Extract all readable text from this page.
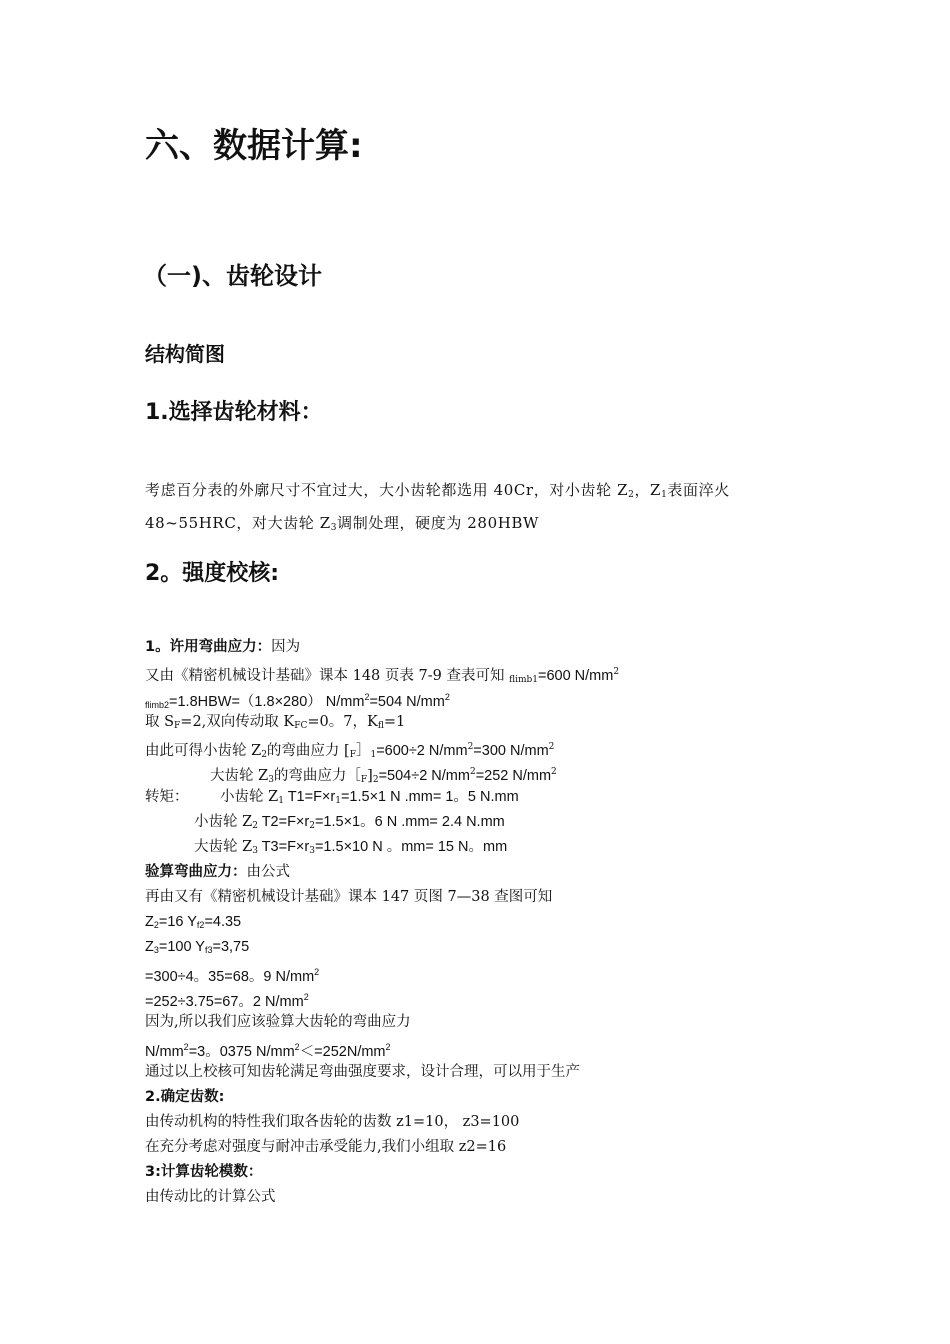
六、数据计算:
（一)、齿轮设计
结构简图
1.选择齿轮材料：
考虑百分表的外廓尺寸不宜过大，大小齿轮都选用 40Cr，对小齿轮 $Z_2$，$Z_1$表面淬火 48~55HRC，对大齿轮 $Z_3$调制处理，硬度为 280HBW
2。强度校核:
1。许用弯曲应力：因为
又由《精密机械设计基础》课本 148 页表 7-9 查表可知 $_{flimb1}$=600 $N/mm^2$
$_{flimb2}$=1.8HBW=（1.8×280） $N/mm^2=504$ $N/mm^2$
取 $S_F=2$,双向传动取 $K_{FC}=0$。7，$K_{fl}=1$
由此可得小齿轮 $Z_2$的弯曲应力 [$_F]_1=600\div 2$ $N/mm^2=300$ $N/mm^2$
大齿轮 $Z_3$的弯曲应力$[_F]_2=504\div 2$ $N/mm^2=252$ $N/mm^2$
转矩： 小齿轮 $Z_1$ $T1=F\times r_1=1.5\times 1$ N .mm= 1。5 N.mm
小齿轮 $Z_2$ $T2=F\times r_2=1.5\times 1$。6 N .mm= 2.4 N.mm
大齿轮 $Z_3$ $T3=F\times r_3=1.5\times 10$ N 。mm= 15 N。mm
验算弯曲应力：由公式
再由又有《精密机械设计基础》课本 147 页图 7—38 查图可知
$Z_2=16$ $Y_{f2}=4.35$
$Z_3=100$ $Y_{f3}=3,75$
=300÷4。35=68。9 $N/mm^2$
=252÷3.75=67。2 $N/mm^2$
因为,所以我们应该验算大齿轮的弯曲应力
$N/mm^2=3$。0375 $N/mm^2<=252N/mm^2$
通过以上校核可知齿轮满足弯曲强度要求，设计合理，可以用于生产
2.确定齿数:
由传动机构的特性我们取各齿轮的齿数 z1=10， z3=100
在充分考虑对强度与耐冲击承受能力,我们小组取 z2=16
3:计算齿轮模数：
由传动比的计算公式
